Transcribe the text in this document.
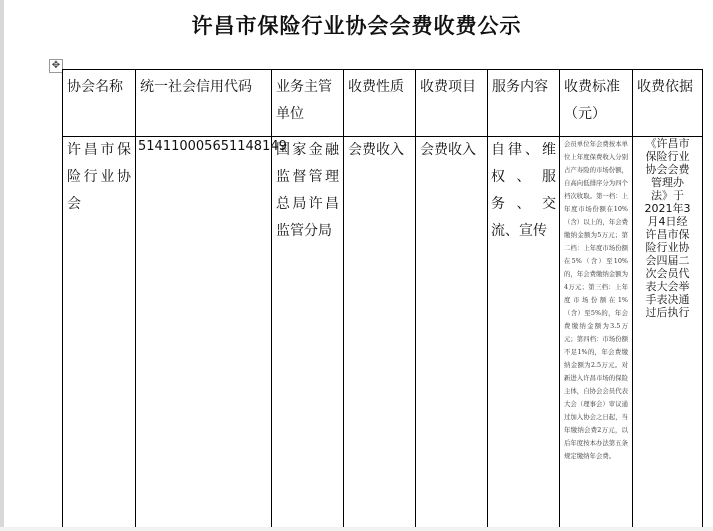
许昌市保险行业协会会费收费公示
✥
协会名称	统一社会信用代码	业务主管单位	收费性质	收费项目	服务内容	收费标准（元）	收费依据

许昌市保险行业协会	514110005651148149	国家金融监督管理总局许昌监管分局	会费收入	会费收入	自律、维权、服务、交流、宣传	会员单位年会费按本单位上年度保费收入分别占产寿险的市场份额，自高向低排序分为四个档次收取。第一档：上年度市场份额在10%（含）以上的，年会费缴纳金额为5万元；第二档：上年度市场份额在5%（含）至10%的，年会费缴纳金额为4万元；第三档：上年度市场份额在1%（含）至5%的，年会费缴纳金额为3.5万元；第四档：市场份额不足1%的，年会费缴纳金额为2.5万元。对新进入许昌市场的保险主体，自协会会员代表大会（理事会）审议通过加入协会之日起，当年缴纳会费2万元，以后年度按本办法第五条规定缴纳年会费。	《许昌市保险行业协会会费管理办法》于2021年3月4日经许昌市保险行业协会四届二次会员代表大会举手表决通过后执行
